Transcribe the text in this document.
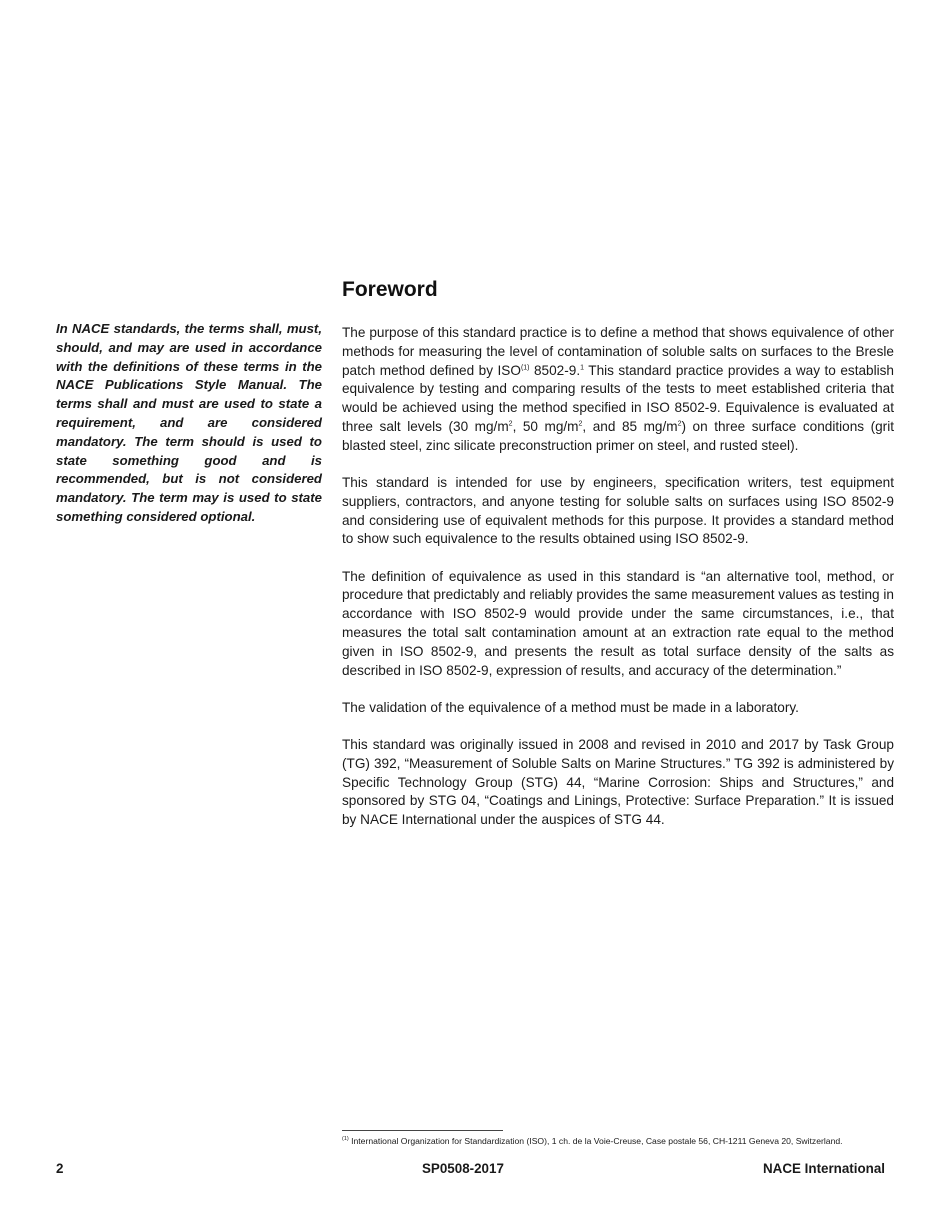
In NACE standards, the terms shall, must, should, and may are used in accordance with the definitions of these terms in the NACE Publications Style Manual. The terms shall and must are used to state a requirement, and are considered mandatory. The term should is used to state something good and is recommended, but is not considered mandatory. The term may is used to state something considered optional.

Foreword

The purpose of this standard practice is to define a method that shows equivalence of other methods for measuring the level of contamination of soluble salts on surfaces to the Bresle patch method defined by ISO$^{(1)}$ 8502-9.$^1$ This standard practice provides a way to establish equivalence by testing and comparing results of the tests to meet established criteria that would be achieved using the method specified in ISO 8502-9. Equivalence is evaluated at three salt levels (30 $mg/m^2$, 50 $mg/m^2$, and 85 $mg/m^2$) on three surface conditions (grit blasted steel, zinc silicate preconstruction primer on steel, and rusted steel).

This standard is intended for use by engineers, specification writers, test equipment suppliers, contractors, and anyone testing for soluble salts on surfaces using ISO 8502-9 and considering use of equivalent methods for this purpose. It provides a standard method to show such equivalence to the results obtained using ISO 8502-9.

The definition of equivalence as used in this standard is “an alternative tool, method, or procedure that predictably and reliably provides the same measurement values as testing in accordance with ISO 8502-9 would provide under the same circumstances, i.e., that measures the total salt contamination amount at an extraction rate equal to the method given in ISO 8502-9, and presents the result as total surface density of the salts as described in ISO 8502-9, expression of results, and accuracy of the determination.”

The validation of the equivalence of a method must be made in a laboratory.

This standard was originally issued in 2008 and revised in 2010 and 2017 by Task Group (TG) 392, “Measurement of Soluble Salts on Marine Structures.” TG 392 is administered by Specific Technology Group (STG) 44, “Marine Corrosion: Ships and Structures,” and sponsored by STG 04, “Coatings and Linings, Protective: Surface Preparation.” It is issued by NACE International under the auspices of STG 44.

$^{(1)}$ International Organization for Standardization (ISO), 1 ch. de la Voie-Creuse, Case postale 56, CH-1211 Geneva 20, Switzerland.
2	SP0508-2017	NACE International
